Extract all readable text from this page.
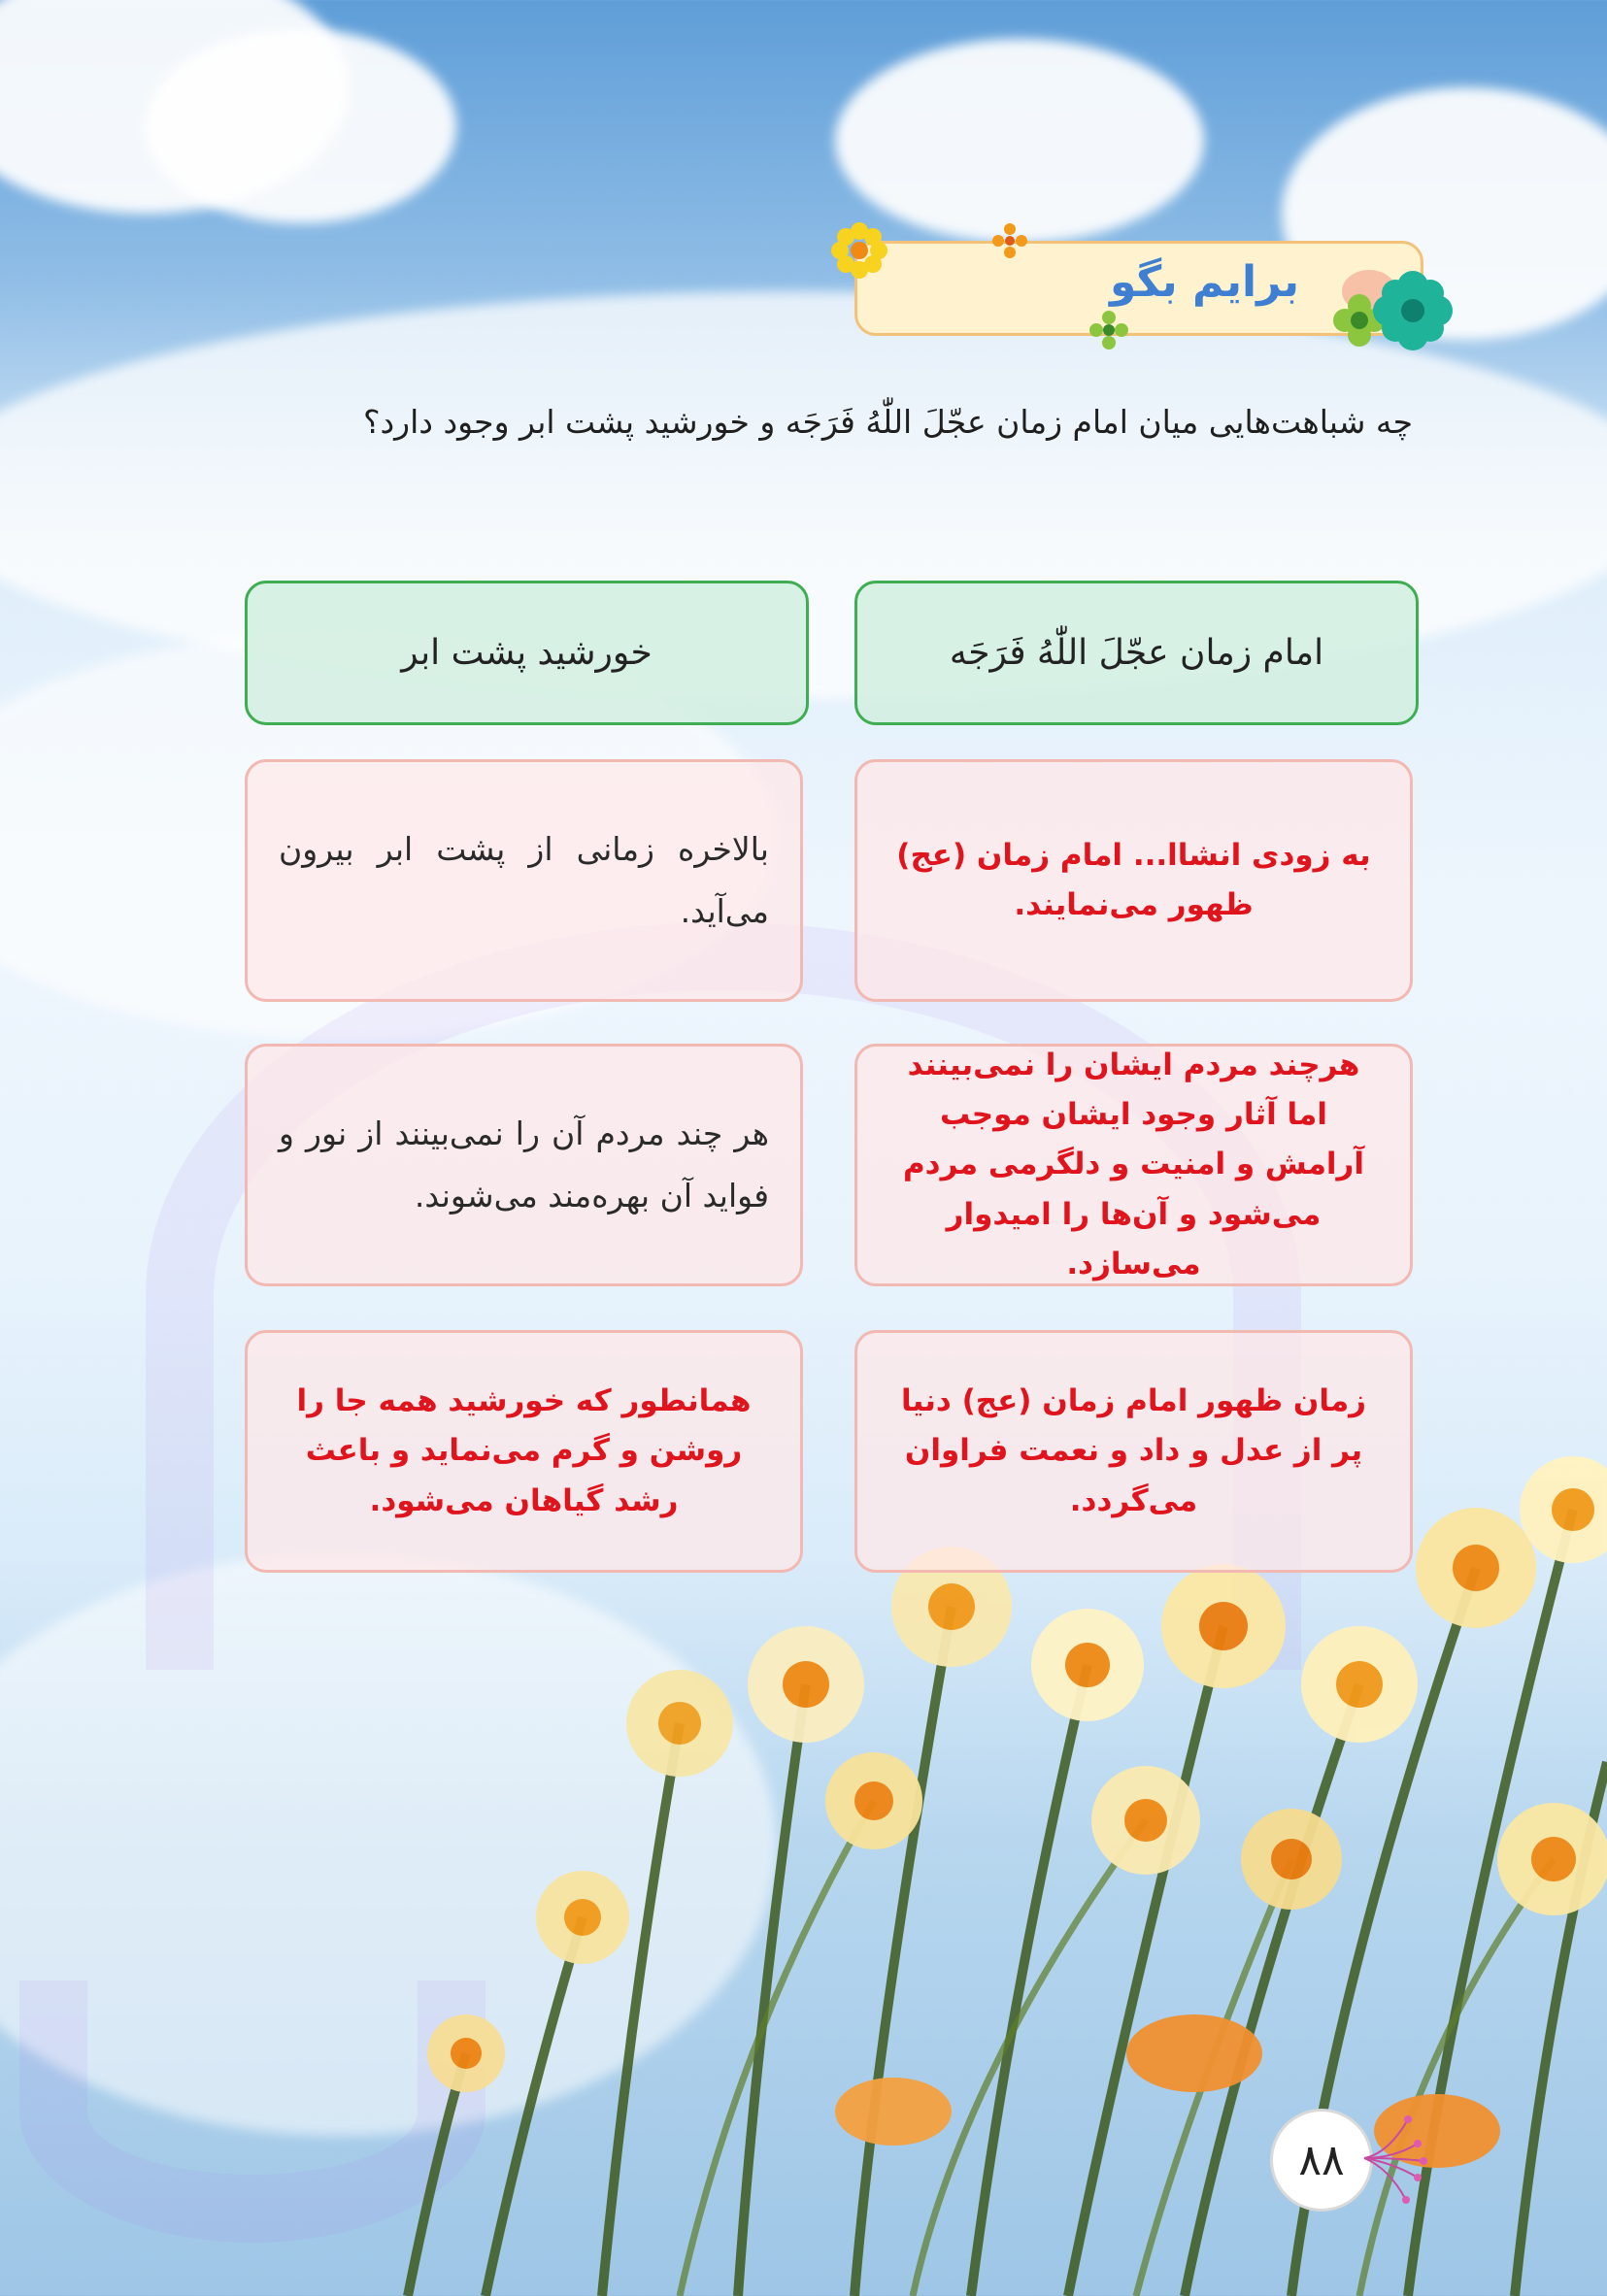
برایم بگو
چه شباهت‌هایی میان امام زمان عجّلَ اللّٰهُ فَرَجَه و خورشید پشت ابر وجود دارد؟
امام زمان عجّلَ اللّٰهُ فَرَجَه
خورشید پشت ابر
به زودی انشاا... امام زمان (عج) ظهور می‌نمایند.
بالاخره زمانی از پشت ابر بیرون می‌آید.
هرچند مردم ایشان را نمی‌بینند اما آثار وجود ایشان موجب آرامش و امنیت و دلگرمی مردم می‌شود و آن‌ها را امیدوار می‌سازد.
هر چند مردم آن را نمی‌بینند از نور و فواید آن بهره‌مند می‌شوند.
زمان ظهور امام زمان (عج) دنیا پر از عدل و داد و نعمت فراوان می‌گردد.
همانطور که خورشید همه جا را روشن و گرم می‌نماید و باعث رشد گیاهان می‌شود.
۸۸
